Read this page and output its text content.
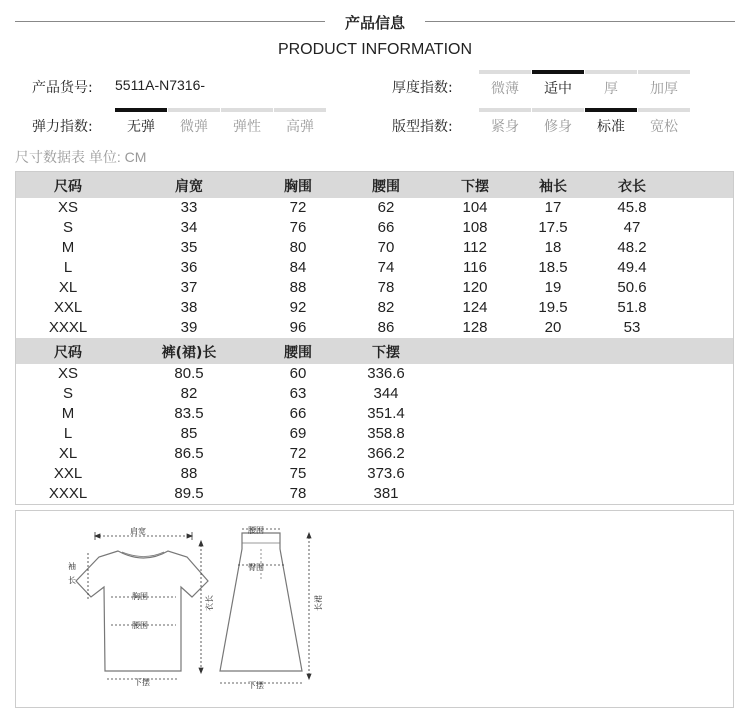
产品信息
PRODUCT INFORMATION
产品货号: 5511A-N7316-	厚度指数:	微薄	适中	厚	加厚
弹力指数:	无弹	微弹	弹性	高弹	版型指数:	紧身	修身	标准	宽松
尺寸数据表 单位: CM
尺码	肩宽	胸围	腰围	下摆	袖长	衣长
XS	33	72	62	104	17	45.8
S	34	76	66	108	17.5	47
M	35	80	70	112	18	48.2
L	36	84	74	116	18.5	49.4
XL	37	88	78	120	19	50.6
XXL	38	92	82	124	19.5	51.8
XXXL	39	96	86	128	20	53
尺码	裤(裙)长	腰围	下摆
XS	80.5	60	336.6
S	82	63	344
M	83.5	66	351.4
L	85	69	358.8
XL	86.5	72	366.2
XXL	88	75	373.6
XXXL	89.5	78	381
肩宽
袖
长
胸围
腰围
衣长
下摆
腰围
臀围
长裙
下摆
